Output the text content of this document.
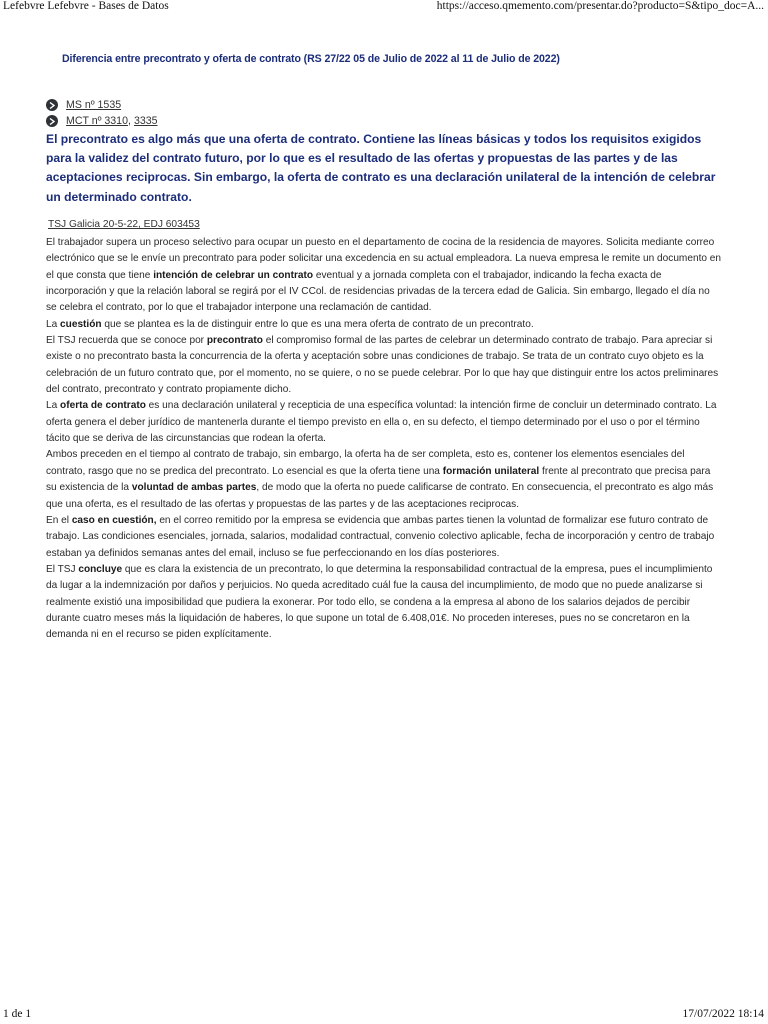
Lefebvre Lefebvre - Bases de Datos	https://acceso.qmemento.com/presentar.do?producto=S&tipo_doc=A...
Diferencia entre precontrato y oferta de contrato (RS 27/22 05 de Julio de 2022 al 11 de Julio de 2022)
MS nº 1535
MCT nº 3310 , 3335

El precontrato es algo más que una oferta de contrato. Contiene las líneas básicas y todos los requisitos exigidos para la validez del contrato futuro, por lo que es el resultado de las ofertas y propuestas de las partes y de las aceptaciones reciprocas. Sin embargo, la oferta de contrato es una declaración unilateral de la intención de celebrar un determinado contrato.

TSJ Galicia 20-5-22, EDJ 603453

El trabajador supera un proceso selectivo para ocupar un puesto en el departamento de cocina de la residencia de mayores. Solicita mediante correo electrónico que se le envíe un precontrato para poder solicitar una excedencia en su actual empleadora. La nueva empresa le remite un documento en el que consta que tiene intención de celebrar un contrato eventual y a jornada completa con el trabajador, indicando la fecha exacta de incorporación y que la relación laboral se regirá por el IV CCol. de residencias privadas de la tercera edad de Galicia. Sin embargo, llegado el día no se celebra el contrato, por lo que el trabajador interpone una reclamación de cantidad.

La cuestión que se plantea es la de distinguir entre lo que es una mera oferta de contrato de un precontrato.

El TSJ recuerda que se conoce por precontrato el compromiso formal de las partes de celebrar un determinado contrato de trabajo. Para apreciar si existe o no precontrato basta la concurrencia de la oferta y aceptación sobre unas condiciones de trabajo. Se trata de un contrato cuyo objeto es la celebración de un futuro contrato que, por el momento, no se quiere, o no se puede celebrar. Por lo que hay que distinguir entre los actos preliminares del contrato, precontrato y contrato propiamente dicho.

La oferta de contrato es una declaración unilateral y recepticia de una específica voluntad: la intención firme de concluir un determinado contrato. La oferta genera el deber jurídico de mantenerla durante el tiempo previsto en ella o, en su defecto, el tiempo determinado por el uso o por el término tácito que se deriva de las circunstancias que rodean la oferta.

Ambos preceden en el tiempo al contrato de trabajo, sin embargo, la oferta ha de ser completa, esto es, contener los elementos esenciales del contrato, rasgo que no se predica del precontrato. Lo esencial es que la oferta tiene una formación unilateral frente al precontrato que precisa para su existencia de la voluntad de ambas partes, de modo que la oferta no puede calificarse de contrato. En consecuencia, el precontrato es algo más que una oferta, es el resultado de las ofertas y propuestas de las partes y de las aceptaciones reciprocas.

En el caso en cuestión, en el correo remitido por la empresa se evidencia que ambas partes tienen la voluntad de formalizar ese futuro contrato de trabajo. Las condiciones esenciales, jornada, salarios, modalidad contractual, convenio colectivo aplicable, fecha de incorporación y centro de trabajo estaban ya definidos semanas antes del email, incluso se fue perfeccionando en los días posteriores.

El TSJ concluye que es clara la existencia de un precontrato, lo que determina la responsabilidad contractual de la empresa, pues el incumplimiento da lugar a la indemnización por daños y perjuicios. No queda acreditado cuál fue la causa del incumplimiento, de modo que no puede analizarse si realmente existió una imposibilidad que pudiera la exonerar. Por todo ello, se condena a la empresa al abono de los salarios dejados de percibir durante cuatro meses más la liquidación de haberes, lo que supone un total de 6.408,01€. No proceden intereses, pues no se concretaron en la demanda ni en el recurso se piden explícitamente.

1 de 1	17/07/2022 18:14
